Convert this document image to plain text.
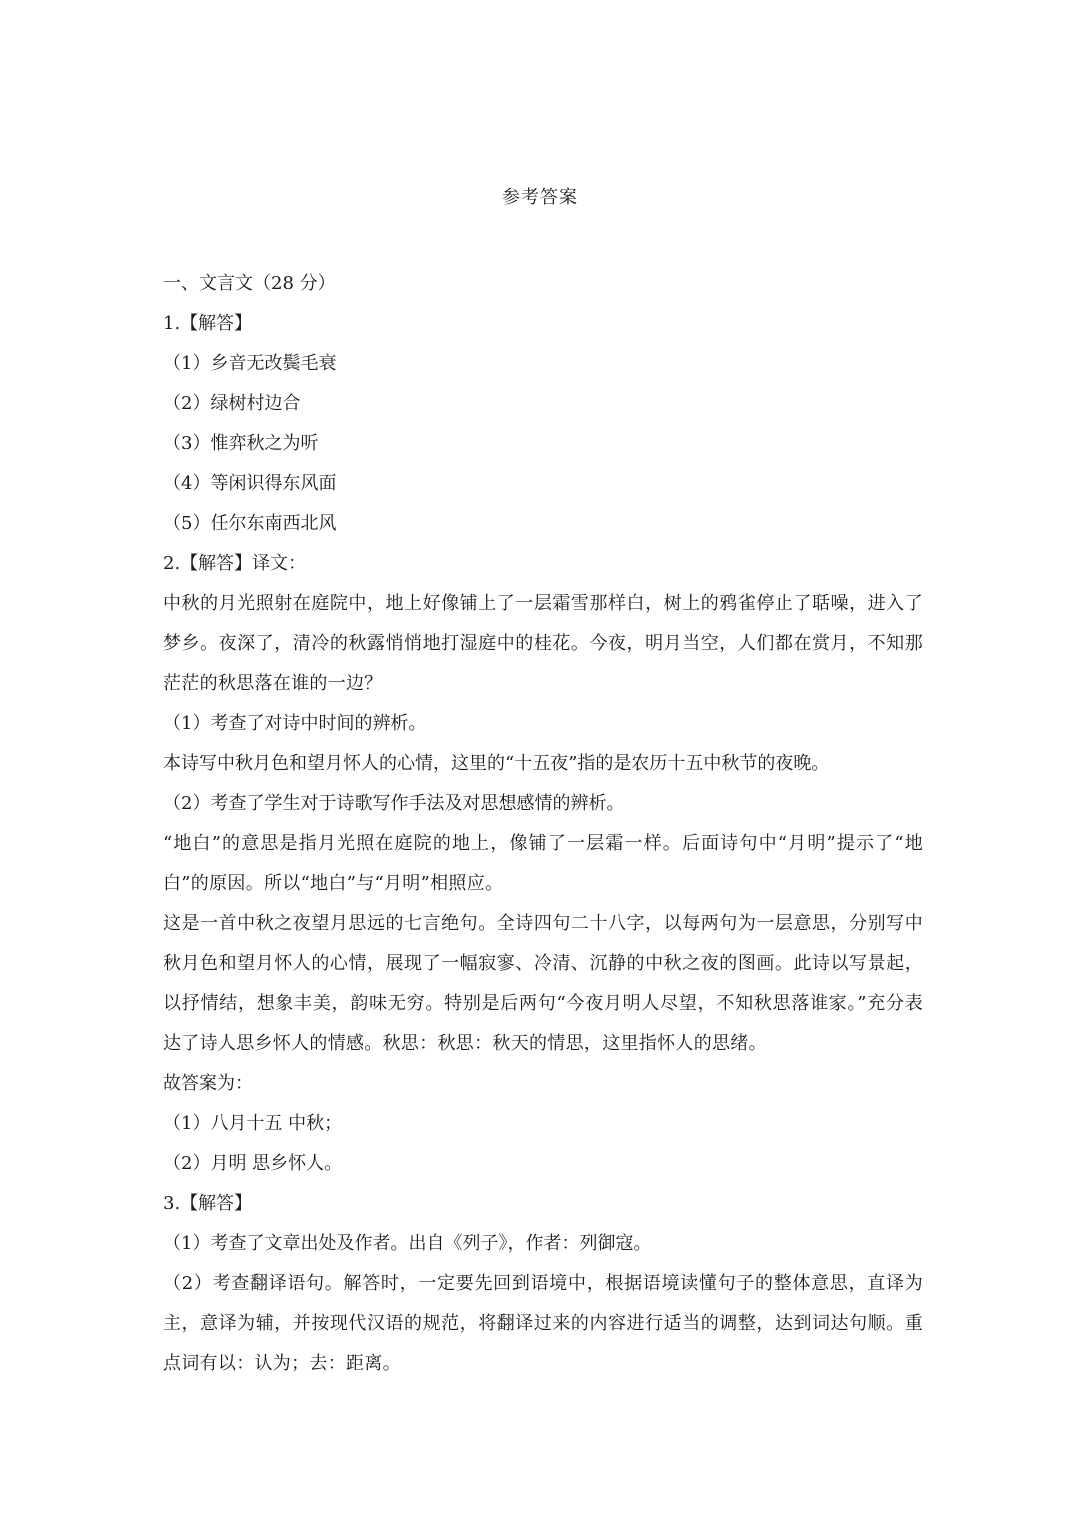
参考答案
一、文言文（28 分）
1.【解答】
（1）乡音无改鬓毛衰
（2）绿树村边合
（3）惟弈秋之为听
（4）等闲识得东风面
（5）任尔东南西北风
2.【解答】译文：
中秋的月光照射在庭院中，地上好像铺上了一层霜雪那样白，树上的鸦雀停止了聒噪，进入了梦乡。夜深了，清冷的秋露悄悄地打湿庭中的桂花。今夜，明月当空，人们都在赏月，不知那茫茫的秋思落在谁的一边？
（1）考查了对诗中时间的辨析。
本诗写中秋月色和望月怀人的心情，这里的“十五夜”指的是农历十五中秋节的夜晚。
（2）考查了学生对于诗歌写作手法及对思想感情的辨析。
“地白”的意思是指月光照在庭院的地上，像铺了一层霜一样。后面诗句中“月明”提示了“地白”的原因。所以“地白”与“月明”相照应。
这是一首中秋之夜望月思远的七言绝句。全诗四句二十八字，以每两句为一层意思，分别写中秋月色和望月怀人的心情，展现了一幅寂寥、冷清、沉静的中秋之夜的图画。此诗以写景起，以抒情结，想象丰美，韵味无穷。特别是后两句“今夜月明人尽望，不知秋思落谁家。”充分表达了诗人思乡怀人的情感。秋思：秋思：秋天的情思，这里指怀人的思绪。
故答案为：
（1）八月十五 中秋；
（2）月明 思乡怀人。
3.【解答】
（1）考查了文章出处及作者。出自《列子》，作者：列御寇。
（2）考查翻译语句。解答时，一定要先回到语境中，根据语境读懂句子的整体意思，直译为主，意译为辅，并按现代汉语的规范，将翻译过来的内容进行适当的调整，达到词达句顺。重点词有以：认为；去：距离。
